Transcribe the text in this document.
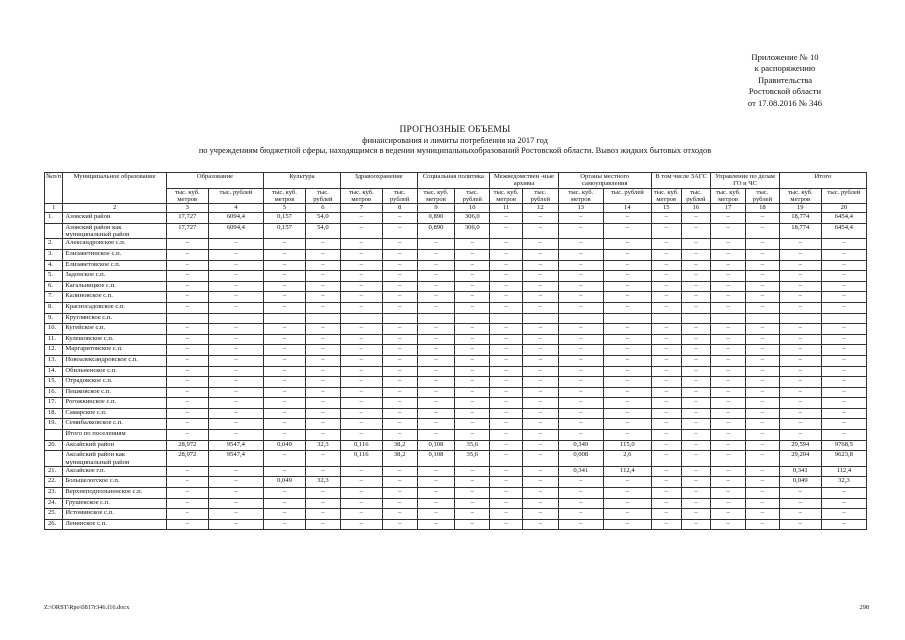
Приложение № 10
к распоряжению
Правительства
Ростовской области
от 17.08.2016 № 346
ПРОГНОЗНЫЕ ОБЪЕМЫ
финансирования и лимиты потребления на 2017 год
по учреждениям бюджетной сферы, находящимся в ведении муниципальныхобразований Ростовской области. Вывоз жидких бытовых отходов
№п/п	Муниципальное образование	Образование		Культура		Здравоохранение		Социальная политика		Межведомствен -ные архивы		Органы местного самоуправления		В том числе ЗАГС		Управление по делам ГО и ЧС		Итого	
		тыс. куб. метров	тыс. рублей	тыс. куб. метров	тыс. рублей	тыс. куб. метров	тыс. рублей	тыс. куб. метров	тыс. рублей	тыс. куб. метров	тыс. рублей	тыс. куб. метров	тыс. рублей	тыс. куб. метров	тыс. рублей	тыс. куб. метров	тыс. рублей	тыс. куб. метров	тыс. рублей
1	2	3	4	5	6	7	8	9	10	11	12	13	14	15	16	17	18	19	20
1.	Азовский район	17,727	6094,4	0,157	54,0	–	–	0,890	306,0	–	–	–	–	–	–	–	–	18,774	6454,4
	Азовский район как муниципальный район	17,727	6094,4	0,157	54,0	–	–	0,890	306,0	–	–	–	–	–	–	–	–	18,774	6454,4
2.	Александровское с.п.	–	–	–	–	–	–	–	–	–	–	–	–	–	–	–	–	–	–
3.	Елизаветинское с.п.	–	–	–	–	–	–	–	–	–	–	–	–	–	–	–	–	–	–
4.	Елизаветовское с.п.	–	–	–	–	–	–	–	–	–	–	–	–	–	–	–	–	–	–
5.	Задонское с.п.	–	–	–	–	–	–	–	–	–	–	–	–	–	–	–	–	–	–
6.	Кагальницкое с.п.	–	–	–	–	–	–	–	–	–	–	–	–	–	–	–	–	–	–
7.	Калиновское с.п.	–	–	–	–	–	–	–	–	–	–	–	–	–	–	–	–	–	–
8.	Красносадовское с.п.	–	–	–	–	–	–	–	–	–	–	–	–	–	–	–	–	–	–
9.	Круглянское с.п.																		
10.	Кугейское с.п.	–	–	–	–	–	–	–	–	–	–	–	–	–	–	–	–	–	–
11.	Кулешовское с.п.	–	–	–	–	–	–	–	–	–	–	–	–	–	–	–	–	–	–
12.	Маргаритовское с.п.	–	–	–	–	–	–	–	–	–	–	–	–	–	–	–	–	–	–
13.	Новоалександровское с.п.	–	–	–	–	–	–	–	–	–	–	–	–	–	–	–	–	–	–
14.	Обильненское с.п.	–	–	–	–	–	–	–	–	–	–	–	–	–	–	–	–	–	–
15.	Отрадовское с.п.	–	–	–	–	–	–	–	–	–	–	–	–	–	–	–	–	–	–
16.	Пешковское с.п.	–	–	–	–	–	–	–	–	–	–	–	–	–	–	–	–	–	–
17.	Рогожкинское с.п.	–	–	–	–	–	–	–	–	–	–	–	–	–	–	–	–	–	–
18.	Самарское с.п.	–	–	–	–	–	–	–	–	–	–	–	–	–	–	–	–	–	–
19.	Семибалковское с.п.	–	–	–	–	–	–	–	–	–	–	–	–	–	–	–	–	–	–
	Итого по поселениям	–	–	–	–	–	–	–	–	–	–	–	–	–	–	–	–	–	–
20.	Аксайский район	28,972	9547,4	0,049	32,3	0,116	38,2	0,108	35,6	–	–	0,349	115,0	–	–	–	–	29,594	9768,5
	Аксайский район как муниципальный район	28,972	9547,4	–	–	0,116	38,2	0,108	35,6	–	–	0,008	2,6	–	–	–	–	29,204	9623,8
21.	Аксайское г.п.	–	–	–	–	–	–	–	–	–	–	0,341	112,4	–	–	–	–	0,341	112,4
22.	Большелогское с.п.	–	–	0,049	32,3	–	–	–	–	–	–	–	–	–	–	–	–	0,049	32,3
23.	Верхнеподпольненское с.п.	–	–	–	–	–	–	–	–	–	–	–	–	–	–	–	–	–	–
24.	Грушевское с.п.	–	–	–	–	–	–	–	–	–	–	–	–	–	–	–	–	–	–
25.	Истоминское с.п.	–	–	–	–	–	–	–	–	–	–	–	–	–	–	–	–	–	–
26.	Ленинское с.п.	–	–	–	–	–	–	–	–	–	–	–	–	–	–	–	–	–	–
Z:\ORST\Rpo\0817r346.f16.docx	298
